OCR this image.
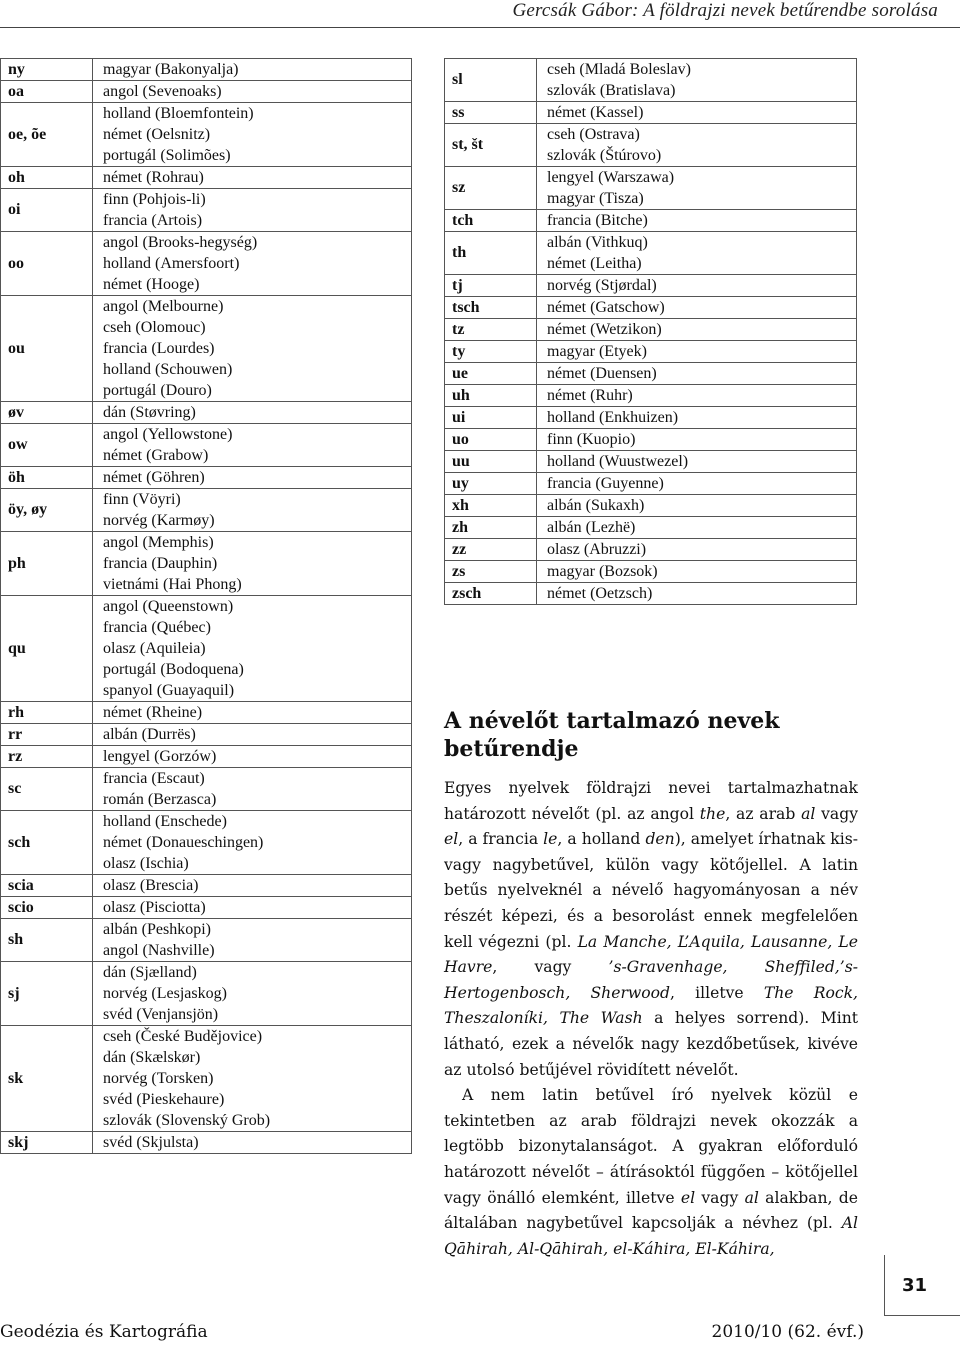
Gercsák Gábor: A földrajzi nevek betűrendbe sorolása
ny	magyar (Bakonyalja)

oa	angol (Sevenoaks)

oe, õe	holland (Bloemfontein)
német (Oelsnitz)
portugál (Solimões)

oh	német (Rohrau)

oi	finn (Pohjois-li)
francia (Artois)

oo	angol (Brooks-hegység)
holland (Amersfoort)
német (Hooge)

ou	angol (Melbourne)
cseh (Olomouc)
francia (Lourdes)
holland (Schouwen)
portugál (Douro)

øv	dán (Støvring)

ow	angol (Yellowstone)
német (Grabow)

öh	német (Göhren)

öy, øy	finn (Vöyri)
norvég (Karmøy)

ph	angol (Memphis)
francia (Dauphin)
vietnámi (Hai Phong)

qu	angol (Queenstown)
francia (Québec)
olasz (Aquileia)
portugál (Bodoquena)
spanyol (Guayaquil)

rh	német (Rheine)

rr	albán (Durrës)

rz	lengyel (Gorzów)

sc	francia (Escaut)
román (Berzasca)

sch	holland (Enschede)
német (Donaueschingen)
olasz (Ischia)

scia	olasz (Brescia)

scio	olasz (Pisciotta)

sh	albán (Peshkopi)
angol (Nashville)

sj	dán (Sjælland)
norvég (Lesjaskog)
svéd (Venjansjön)

sk	cseh (České Budějovice)
dán (Skælskør)
norvég (Torsken)
svéd (Pieskehaure)
szlovák (Slovenský Grob)

skj	svéd (Skjulsta)
sl	cseh (Mladá Boleslav)
szlovák (Bratislava)

ss	német (Kassel)

st, št	cseh (Ostrava)
szlovák (Štúrovo)

sz	lengyel (Warszawa)
magyar (Tisza)

tch	francia (Bitche)

th	albán (Vithkuq)
német (Leitha)

tj	norvég (Stjørdal)

tsch	német (Gatschow)

tz	német (Wetzikon)

ty	magyar (Etyek)

ue	német (Duensen)

uh	német (Ruhr)

ui	holland (Enkhuizen)

uo	finn (Kuopio)

uu	holland (Wuustwezel)

uy	francia (Guyenne)

xh	albán (Sukaxh)

zh	albán (Lezhë)

zz	olasz (Abruzzi)

zs	magyar (Bozsok)

zsch	német (Oetzsch)
A névelőt tartalmazó nevek betűrendje

Egyes nyelvek földrajzi nevei tartalmazhatnak határozott névelőt (pl. az angol the, az arab al vagy el, a francia le, a holland den), amelyet írhatnak kis- vagy nagybetűvel, külön vagy kötőjellel. A latin betűs nyelveknél a névelő hagyományosan a név részét képezi, és a besorolást ennek megfelelően kell végezni (pl. La Manche, L’Aquila, Lausanne, Le Havre, vagy ’s-Gravenhage, Sheffiled,’s-Hertogenbosch, Sherwood, illetve The Rock, Theszaloníki, The Wash a helyes sorrend). Mint látható, ezek a névelők nagy kezdőbetűsek, kivéve az utolsó betűjével rövidített névelőt.

A nem latin betűvel író nyelvek közül e tekintetben az arab földrajzi nevek okozzák a legtöbb bizonytalanságot. A gyakran előforduló határozott névelőt – átírásoktól függően – kötőjellel vagy önálló elemként, illetve el vagy al alakban, de általában nagybetűvel kapcsolják a névhez (pl. Al Qāhirah, Al-Qāhirah, el-Káhira, El-Káhira,

31
Geodézia és Kartográfia	2010/10 (62. évf.)
